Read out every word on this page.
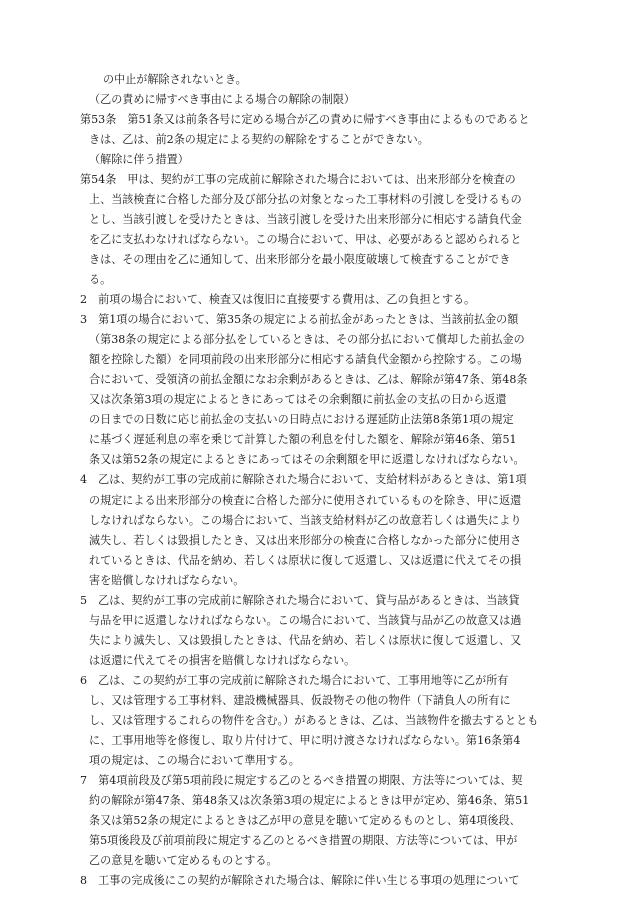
の中止が解除されないとき。
（乙の責めに帰すべき事由による場合の解除の制限）
第53条　第51条又は前条各号に定める場合が乙の責めに帰すべき事由によるものであると
きは、乙は、前2条の規定による契約の解除をすることができない。
（解除に伴う措置）
第54条　甲は、契約が工事の完成前に解除された場合においては、出来形部分を検査の
上、当該検査に合格した部分及び部分払の対象となった工事材料の引渡しを受けるもの
とし、当該引渡しを受けたときは、当該引渡しを受けた出来形部分に相応する請負代金
を乙に支払わなければならない。この場合において、甲は、必要があると認められると
きは、その理由を乙に通知して、出来形部分を最小限度破壊して検査することができ
る。
2　前項の場合において、検査又は復旧に直接要する費用は、乙の負担とする。
3　第1項の場合において、第35条の規定による前払金があったときは、当該前払金の額
（第38条の規定による部分払をしているときは、その部分払において償却した前払金の
額を控除した額）を同項前段の出来形部分に相応する請負代金額から控除する。この場
合において、受領済の前払金額になお余剰があるときは、乙は、解除が第47条、第48条
又は次条第3項の規定によるときにあってはその余剰額に前払金の支払の日から返還
の日までの日数に応じ前払金の支払いの日時点における遅延防止法第8条第1項の規定
に基づく遅延利息の率を乗じて計算した額の利息を付した額を、解除が第46条、第51
条又は第52条の規定によるときにあってはその余剰額を甲に返還しなければならない。
4　乙は、契約が工事の完成前に解除された場合において、支給材料があるときは、第1項
の規定による出来形部分の検査に合格した部分に使用されているものを除き、甲に返還
しなければならない。この場合において、当該支給材料が乙の故意若しくは過失により
滅失し、若しくは毀損したとき、又は出来形部分の検査に合格しなかった部分に使用さ
れているときは、代品を納め、若しくは原状に復して返還し、又は返還に代えてその損
害を賠償しなければならない。
5　乙は、契約が工事の完成前に解除された場合において、貸与品があるときは、当該貸
与品を甲に返還しなければならない。この場合において、当該貸与品が乙の故意又は過
失により滅失し、又は毀損したときは、代品を納め、若しくは原状に復して返還し、又
は返還に代えてその損害を賠償しなければならない。
6　乙は、この契約が工事の完成前に解除された場合において、工事用地等に乙が所有
し、又は管理する工事材料、建設機械器具、仮設物その他の物件（下請負人の所有に
し、又は管理するこれらの物件を含む。）があるときは、乙は、当該物件を撤去するととも
に、工事用地等を修復し、取り片付けて、甲に明け渡さなければならない。第16条第4
項の規定は、この場合において準用する。
7　第4項前段及び第5項前段に規定する乙のとるべき措置の期限、方法等については、契
約の解除が第47条、第48条又は次条第3項の規定によるときは甲が定め、第46条、第51
条又は第52条の規定によるときは乙が甲の意見を聴いて定めるものとし、第4項後段、
第5項後段及び前項前段に規定する乙のとるべき措置の期限、方法等については、甲が
乙の意見を聴いて定めるものとする。
8　工事の完成後にこの契約が解除された場合は、解除に伴い生じる事項の処理について
